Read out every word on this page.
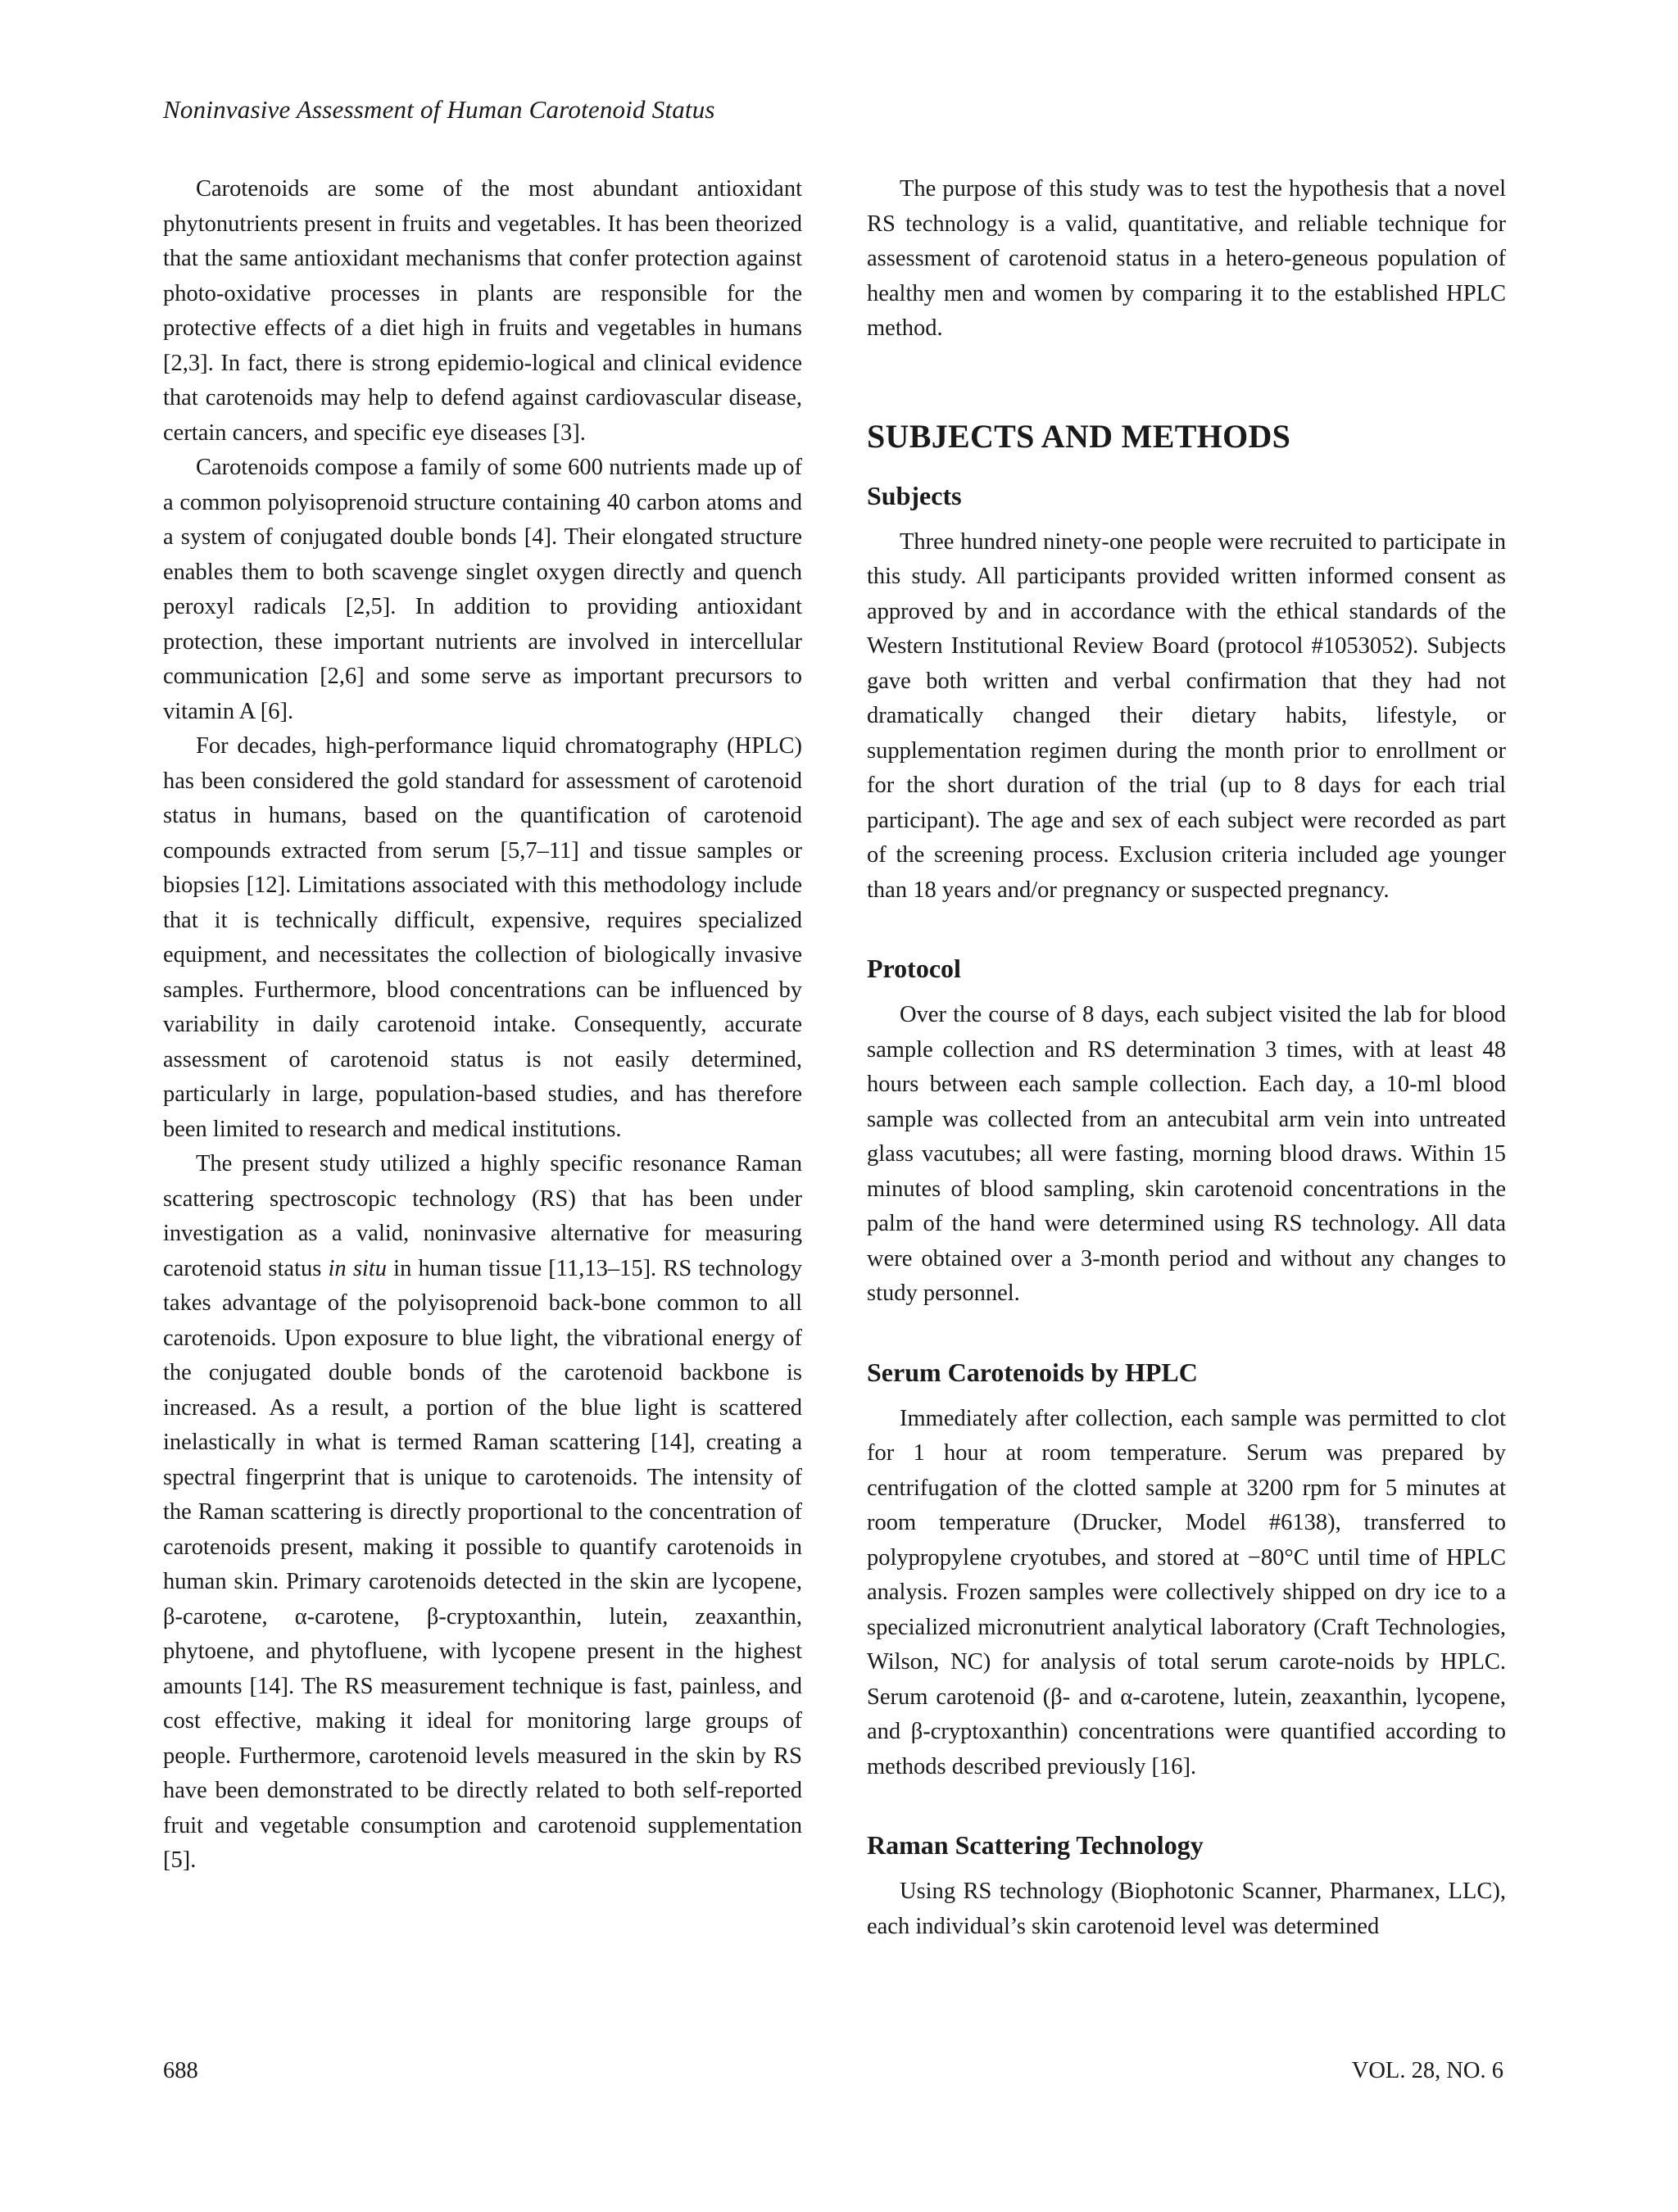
Noninvasive Assessment of Human Carotenoid Status

Carotenoids are some of the most abundant antioxidant phytonutrients present in fruits and vegetables. It has been theorized that the same antioxidant mechanisms that confer protection against photo-oxidative processes in plants are responsible for the protective effects of a diet high in fruits and vegetables in humans [2,3]. In fact, there is strong epidemio-logical and clinical evidence that carotenoids may help to defend against cardiovascular disease, certain cancers, and specific eye diseases [3].

Carotenoids compose a family of some 600 nutrients made up of a common polyisoprenoid structure containing 40 carbon atoms and a system of conjugated double bonds [4]. Their elongated structure enables them to both scavenge singlet oxygen directly and quench peroxyl radicals [2,5]. In addition to providing antioxidant protection, these important nutrients are involved in intercellular communication [2,6] and some serve as important precursors to vitamin A [6].

For decades, high-performance liquid chromatography (HPLC) has been considered the gold standard for assessment of carotenoid status in humans, based on the quantification of carotenoid compounds extracted from serum [5,7–11] and tissue samples or biopsies [12]. Limitations associated with this methodology include that it is technically difficult, expensive, requires specialized equipment, and necessitates the collection of biologically invasive samples. Furthermore, blood concentrations can be influenced by variability in daily carotenoid intake. Consequently, accurate assessment of carotenoid status is not easily determined, particularly in large, population-based studies, and has therefore been limited to research and medical institutions.

The present study utilized a highly specific resonance Raman scattering spectroscopic technology (RS) that has been under investigation as a valid, noninvasive alternative for measuring carotenoid status in situ in human tissue [11,13–15]. RS technology takes advantage of the polyisoprenoid back-bone common to all carotenoids. Upon exposure to blue light, the vibrational energy of the conjugated double bonds of the carotenoid backbone is increased. As a result, a portion of the blue light is scattered inelastically in what is termed Raman scattering [14], creating a spectral fingerprint that is unique to carotenoids. The intensity of the Raman scattering is directly proportional to the concentration of carotenoids present, making it possible to quantify carotenoids in human skin. Primary carotenoids detected in the skin are lycopene, β-carotene, α-carotene, β-cryptoxanthin, lutein, zeaxanthin, phytoene, and phytofluene, with lycopene present in the highest amounts [14]. The RS measurement technique is fast, painless, and cost effective, making it ideal for monitoring large groups of people. Furthermore, carotenoid levels measured in the skin by RS have been demonstrated to be directly related to both self-reported fruit and vegetable consumption and carotenoid supplementation [5].

The purpose of this study was to test the hypothesis that a novel RS technology is a valid, quantitative, and reliable technique for assessment of carotenoid status in a hetero-geneous population of healthy men and women by comparing it to the established HPLC method.

SUBJECTS AND METHODS
Subjects

Three hundred ninety-one people were recruited to participate in this study. All participants provided written informed consent as approved by and in accordance with the ethical standards of the Western Institutional Review Board (protocol #1053052). Subjects gave both written and verbal confirmation that they had not dramatically changed their dietary habits, lifestyle, or supplementation regimen during the month prior to enrollment or for the short duration of the trial (up to 8 days for each trial participant). The age and sex of each subject were recorded as part of the screening process. Exclusion criteria included age younger than 18 years and/or pregnancy or suspected pregnancy.

Protocol

Over the course of 8 days, each subject visited the lab for blood sample collection and RS determination 3 times, with at least 48 hours between each sample collection. Each day, a 10-ml blood sample was collected from an antecubital arm vein into untreated glass vacutubes; all were fasting, morning blood draws. Within 15 minutes of blood sampling, skin carotenoid concentrations in the palm of the hand were determined using RS technology. All data were obtained over a 3-month period and without any changes to study personnel.

Serum Carotenoids by HPLC

Immediately after collection, each sample was permitted to clot for 1 hour at room temperature. Serum was prepared by centrifugation of the clotted sample at 3200 rpm for 5 minutes at room temperature (Drucker, Model #6138), transferred to polypropylene cryotubes, and stored at −80°C until time of HPLC analysis. Frozen samples were collectively shipped on dry ice to a specialized micronutrient analytical laboratory (Craft Technologies, Wilson, NC) for analysis of total serum carote-noids by HPLC. Serum carotenoid (β- and α-carotene, lutein, zeaxanthin, lycopene, and β-cryptoxanthin) concentrations were quantified according to methods described previously [16].

Raman Scattering Technology

Using RS technology (Biophotonic Scanner, Pharmanex, LLC), each individual’s skin carotenoid level was determined

688	VOL. 28, NO. 6
